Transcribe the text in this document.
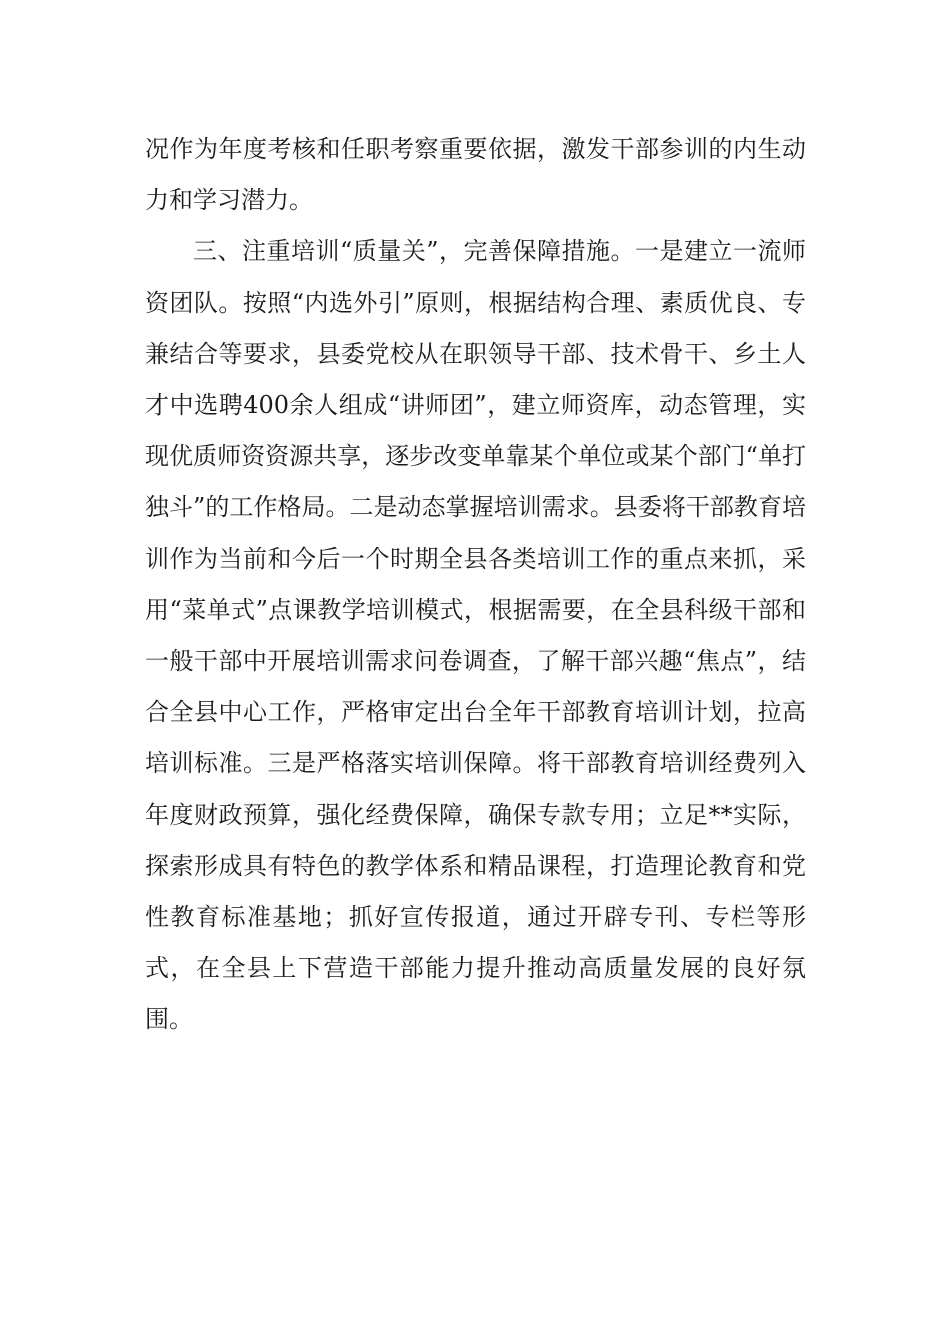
况作为年度考核和任职考察重要依据，激发干部参训的内生动力和学习潜力。

三、注重培训“质量关”，完善保障措施。一是建立一流师资团队。按照“内选外引”原则，根据结构合理、素质优良、专兼结合等要求，县委党校从在职领导干部、技术骨干、乡土人才中选聘400余人组成“讲师团”，建立师资库，动态管理，实现优质师资资源共享，逐步改变单靠某个单位或某个部门“单打独斗”的工作格局。二是动态掌握培训需求。县委将干部教育培训作为当前和今后一个时期全县各类培训工作的重点来抓，采用“菜单式”点课教学培训模式，根据需要，在全县科级干部和一般干部中开展培训需求问卷调查，了解干部兴趣“焦点”，结合全县中心工作，严格审定出台全年干部教育培训计划，拉高培训标准。三是严格落实培训保障。将干部教育培训经费列入年度财政预算，强化经费保障，确保专款专用；立足**实际，探索形成具有特色的教学体系和精品课程，打造理论教育和党性教育标准基地；抓好宣传报道，通过开辟专刊、专栏等形式，在全县上下营造干部能力提升推动高质量发展的良好氛围。
